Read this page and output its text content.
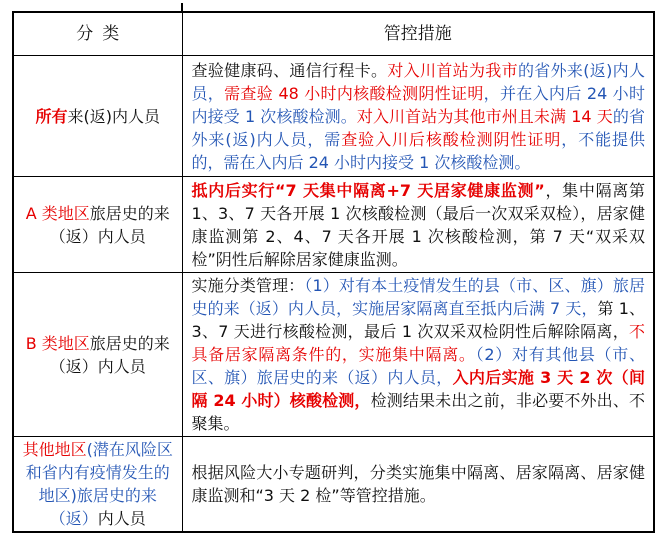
分类	管控措施
所有来(返)内人员	查验健康码、通信行程卡。对入川首站为我市的省外来(返)内人员，需查验 48 小时内核酸检测阴性证明，并在入内后 24 小时内接受 1 次核酸检测。对入川首站为其他市州且未满 14 天的省外来(返)内人员，需查验入川后核酸检测阴性证明，不能提供的，需在入内后 24 小时内接受 1 次核酸检测。
A 类地区旅居史的来（返）内人员	抵内后实行“7 天集中隔离+7 天居家健康监测”，集中隔离第 1、3、7 天各开展 1 次核酸检测（最后一次双采双检），居家健康监测第 2、4、7 天各开展 1 次核酸检测，第 7 天“双采双检”阴性后解除居家健康监测。
B 类地区旅居史的来（返）内人员	实施分类管理：（1）对有本土疫情发生的县（市、区、旗）旅居史的来（返）内人员，实施居家隔离直至抵内后满 7 天，第 1、3、7 天进行核酸检测，最后 1 次双采双检阴性后解除隔离，不具备居家隔离条件的，实施集中隔离。（2）对有其他县（市、区、旗）旅居史的来（返）内人员，入内后实施 3 天 2 次（间隔 24 小时）核酸检测，检测结果未出之前，非必要不外出、不聚集。
其他地区(潜在风险区和省内有疫情发生的地区)旅居史的来（返）内人员	根据风险大小专题研判，分类实施集中隔离、居家隔离、居家健康监测和“3 天 2 检”等管控措施。
